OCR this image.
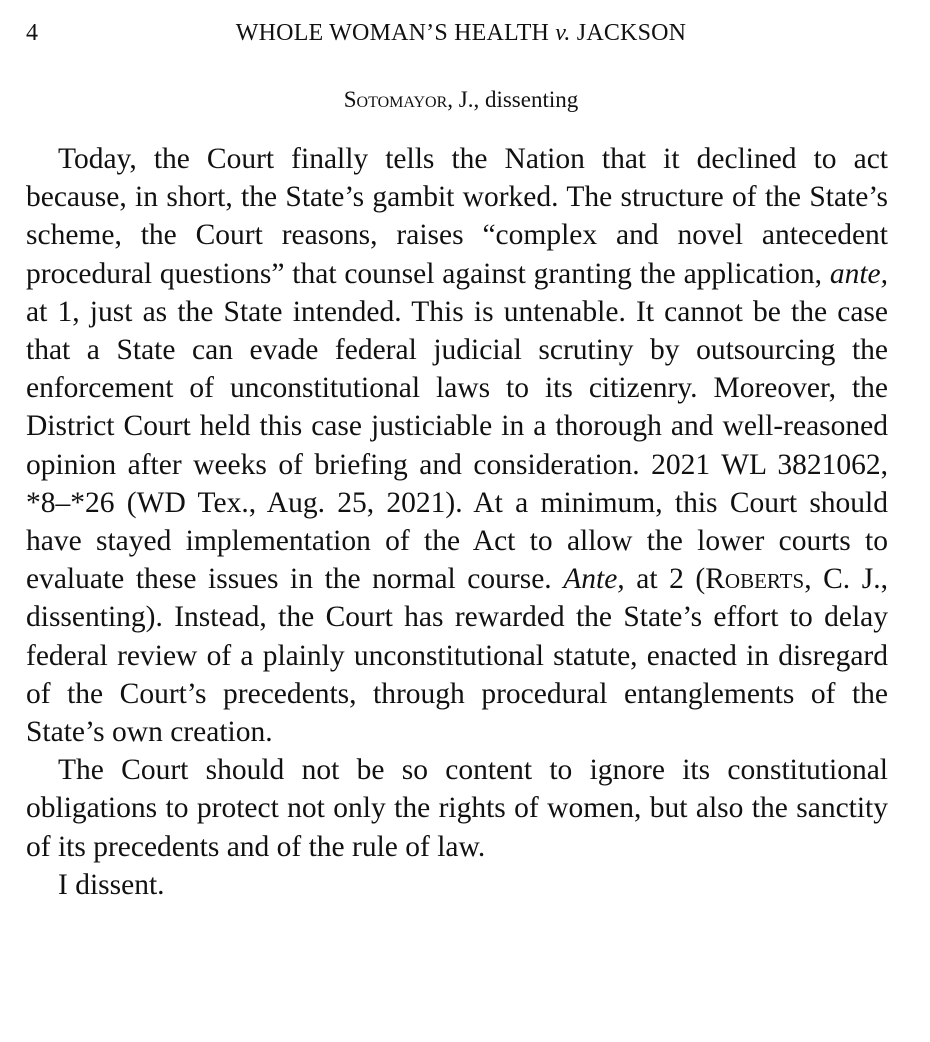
4	WHOLE WOMAN’S HEALTH v. JACKSON
Sotomayor, J., dissenting

Today, the Court finally tells the Nation that it declined to act because, in short, the State’s gambit worked. The structure of the State’s scheme, the Court reasons, raises “complex and novel antecedent procedural questions” that counsel against granting the application, ante, at 1, just as the State intended. This is untenable. It cannot be the case that a State can evade federal judicial scrutiny by outsourcing the enforcement of unconstitutional laws to its citizenry. Moreover, the District Court held this case justiciable in a thorough and well-reasoned opinion after weeks of briefing and consideration. 2021 WL 3821062, *8–*26 (WD Tex., Aug. 25, 2021). At a minimum, this Court should have stayed implementation of the Act to allow the lower courts to evaluate these issues in the normal course. Ante, at 2 (Roberts, C. J., dissenting). Instead, the Court has rewarded the State’s effort to delay federal review of a plainly unconstitutional statute, enacted in disregard of the Court’s precedents, through procedural entanglements of the State’s own creation.

The Court should not be so content to ignore its constitutional obligations to protect not only the rights of women, but also the sanctity of its precedents and of the rule of law.

I dissent.
